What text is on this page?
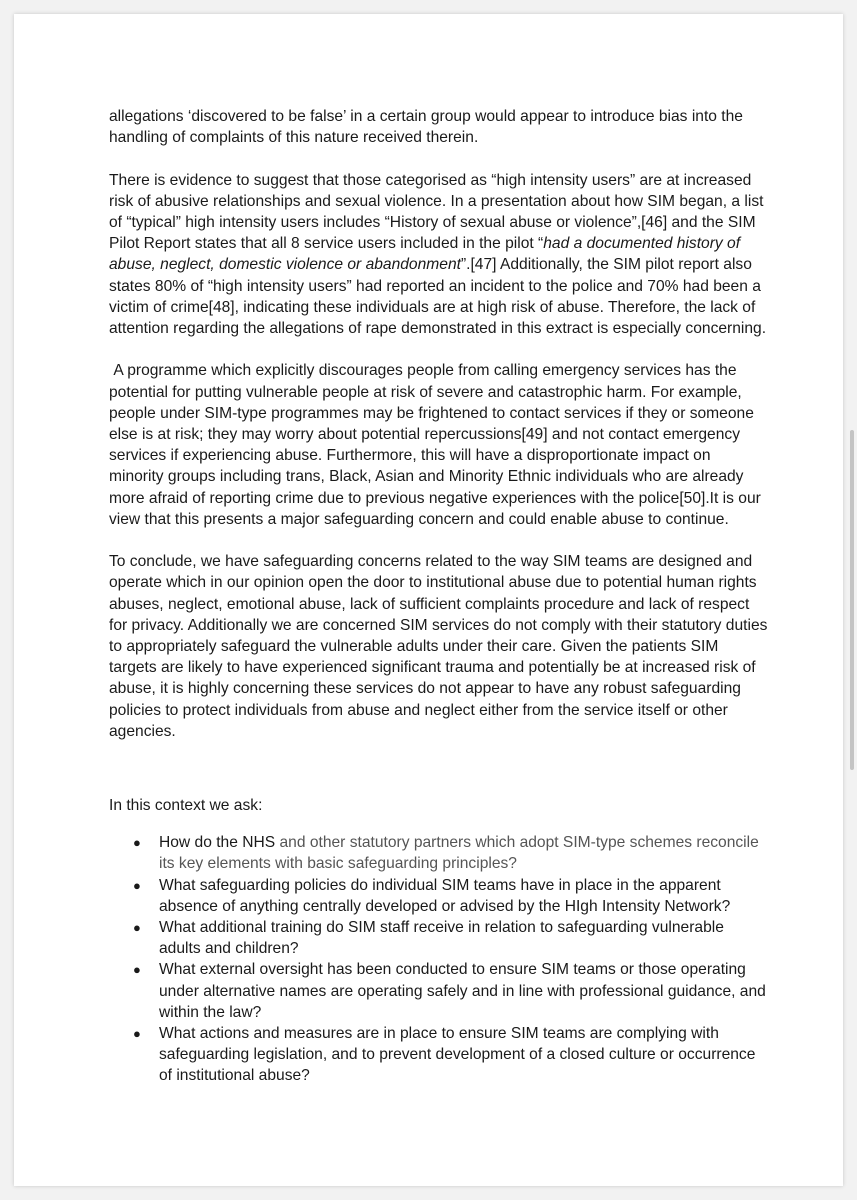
allegations ‘discovered to be false’ in a certain group would appear to introduce bias into the handling of complaints of this nature received therein.

There is evidence to suggest that those categorised as “high intensity users” are at increased risk of abusive relationships and sexual violence. In a presentation about how SIM began, a list of “typical” high intensity users includes “History of sexual abuse or violence”,[46] and the SIM Pilot Report states that all 8 service users included in the pilot “had a documented history of abuse, neglect, domestic violence or abandonment”.[47] Additionally, the SIM pilot report also states 80% of “high intensity users” had reported an incident to the police and 70% had been a victim of crime[48], indicating these individuals are at high risk of abuse. Therefore, the lack of attention regarding the allegations of rape demonstrated in this extract is especially concerning.

A programme which explicitly discourages people from calling emergency services has the potential for putting vulnerable people at risk of severe and catastrophic harm. For example, people under SIM-type programmes may be frightened to contact services if they or someone else is at risk; they may worry about potential repercussions[49] and not contact emergency services if experiencing abuse. Furthermore, this will have a disproportionate impact on minority groups including trans, Black, Asian and Minority Ethnic individuals who are already more afraid of reporting crime due to previous negative experiences with the police[50].It is our view that this presents a major safeguarding concern and could enable abuse to continue.

To conclude, we have safeguarding concerns related to the way SIM teams are designed and operate which in our opinion open the door to institutional abuse due to potential human rights abuses, neglect, emotional abuse, lack of sufficient complaints procedure and lack of respect for privacy. Additionally we are concerned SIM services do not comply with their statutory duties to appropriately safeguard the vulnerable adults under their care. Given the patients SIM targets are likely to have experienced significant trauma and potentially be at increased risk of abuse, it is highly concerning these services do not appear to have any robust safeguarding policies to protect individuals from abuse and neglect either from the service itself or other agencies.

In this context we ask:

● How do the NHS and other statutory partners which adopt SIM-type schemes reconcile its key elements with basic safeguarding principles?
● What safeguarding policies do individual SIM teams have in place in the apparent absence of anything centrally developed or advised by the HIgh Intensity Network?
● What additional training do SIM staff receive in relation to safeguarding vulnerable adults and children?
● What external oversight has been conducted to ensure SIM teams or those operating under alternative names are operating safely and in line with professional guidance, and within the law?
● What actions and measures are in place to ensure SIM teams are complying with safeguarding legislation, and to prevent development of a closed culture or occurrence of institutional abuse?
